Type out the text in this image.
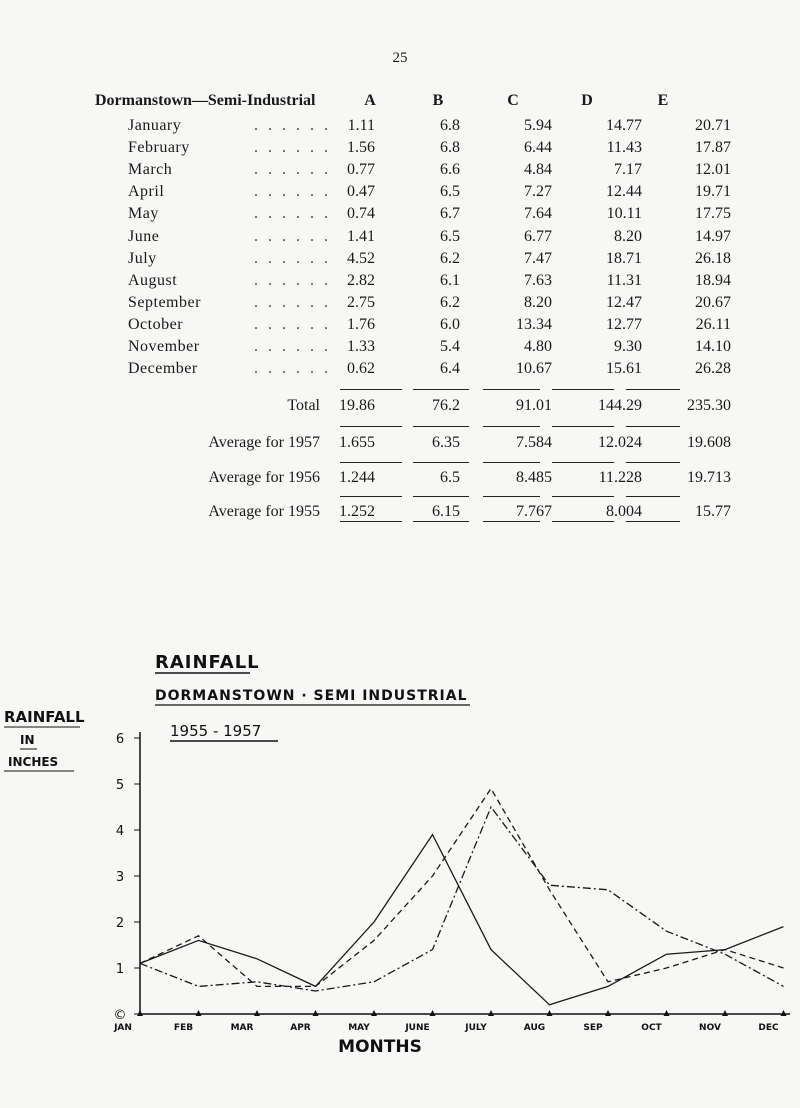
25
Dormanstown—Semi-Industrial	A	B	C	D	E
January	. . . . . .	1.11	6.8	5.94	14.77	20.71
February	. . . . . .	1.56	6.8	6.44	11.43	17.87
March	. . . . . .	0.77	6.6	4.84	7.17	12.01
April	. . . . . .	0.47	6.5	7.27	12.44	19.71
May	. . . . . .	0.74	6.7	7.64	10.11	17.75
June	. . . . . .	1.41	6.5	6.77	8.20	14.97
July	. . . . . .	4.52	6.2	7.47	18.71	26.18
August	. . . . . .	2.82	6.1	7.63	11.31	18.94
September	. . . . . .	2.75	6.2	8.20	12.47	20.67
October	. . . . . .	1.76	6.0	13.34	12.77	26.11
November	. . . . . .	1.33	5.4	4.80	9.30	14.10
December	. . . . . .	0.62	6.4	10.67	15.61	26.28
Total	19.86	76.2	91.01	144.29	235.30
Average for 1957	1.655	6.35	7.584	12.024	19.608
Average for 1956	1.244	6.5	8.485	11.228	19.713
Average for 1955	1.252	6.15	7.767	8.004	15.77
©
1
2
3
4
5
6
JAN	FEB	MAR	APR	MAY	JUNE	JULY	AUG	SEP	OCT	NOV	DEC
RAINFALL
DORMANSTOWN · SEMI INDUSTRIAL
1955 - 1957
RAINFALL
IN
INCHES
MONTHS
